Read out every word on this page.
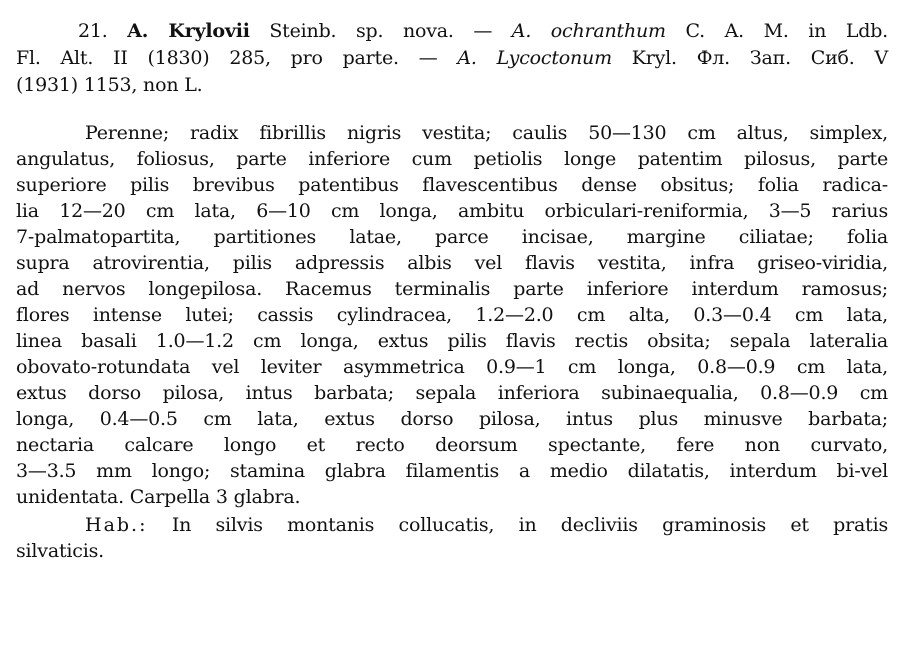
21. A. Krylovii Steinb. sp. nova. — A. ochranthum C. A. M. in Ldb.
Fl. Alt. II (1830) 285, pro parte. — A. Lycoctonum Kryl. Фл. Зап. Сиб. V
(1931) 1153, non L.
Perenne; radix fibrillis nigris vestita; caulis 50—130 cm altus, simplex,
angulatus, foliosus, parte inferiore cum petiolis longe patentim pilosus, parte
superiore pilis brevibus patentibus flavescentibus dense obsitus; folia radica-
lia 12—20 cm lata, 6—10 cm longa, ambitu orbiculari-reniformia, 3—5 rarius
7-palmatopartita, partitiones latae, parce incisae, margine ciliatae; folia
supra atrovirentia, pilis adpressis albis vel flavis vestita, infra griseo-viridia,
ad nervos longepilosa. Racemus terminalis parte inferiore interdum ramosus;
flores intense lutei; cassis cylindracea, 1.2—2.0 cm alta, 0.3—0.4 cm lata,
linea basali 1.0—1.2 cm longa, extus pilis flavis rectis obsita; sepala lateralia
obovato-rotundata vel leviter asymmetrica 0.9—1 cm longa, 0.8—0.9 cm lata,
extus dorso pilosa, intus barbata; sepala inferiora subinaequalia, 0.8—0.9 cm
longa, 0.4—0.5 cm lata, extus dorso pilosa, intus plus minusve barbata;
nectaria calcare longo et recto deorsum spectante, fere non curvato,
3—3.5 mm longo; stamina glabra filamentis a medio dilatatis, interdum bi-vel
unidentata. Carpella 3 glabra.
Hab.: In silvis montanis collucatis, in decliviis graminosis et pratis
silvaticis.
